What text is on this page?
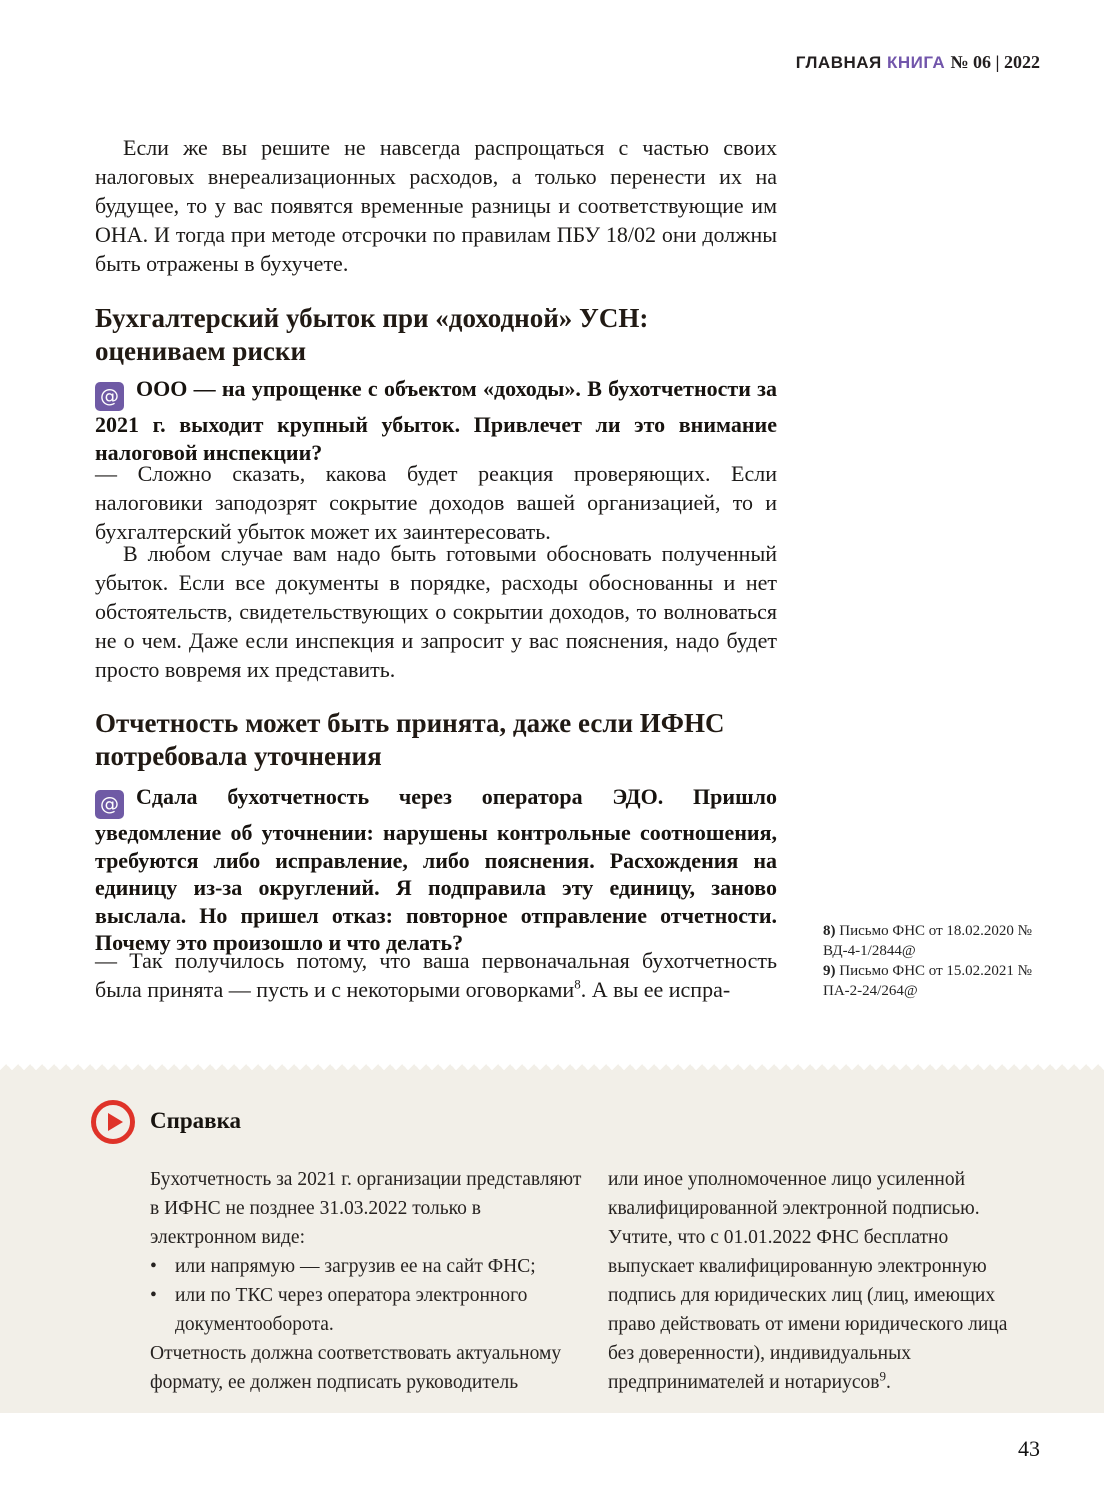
ГЛАВНАЯ КНИГА № 06 | 2022
Если же вы решите не навсегда распрощаться с частью своих налоговых внереализационных расходов, а только перенести их на будущее, то у вас появятся временные разницы и соответствующие им ОНА. И тогда при методе отсрочки по правилам ПБУ 18/02 они должны быть отражены в бухучете.
Бухгалтерский убыток при «доходной» УСН: оцениваем риски
@ ООО — на упрощенке с объектом «доходы». В бухотчетности за 2021 г. выходит крупный убыток. Привлечет ли это внимание налоговой инспекции?
— Сложно сказать, какова будет реакция проверяющих. Если налоговики заподозрят сокрытие доходов вашей организацией, то и бухгалтерский убыток может их заинтересовать.
В любом случае вам надо быть готовыми обосновать полученный убыток. Если все документы в порядке, расходы обоснованны и нет обстоятельств, свидетельствующих о сокрытии доходов, то волноваться не о чем. Даже если инспекция и запросит у вас пояснения, надо будет просто вовремя их представить.
Отчетность может быть принята, даже если ИФНС потребовала уточнения
@ Сдала бухотчетность через оператора ЭДО. Пришло уведомление об уточнении: нарушены контрольные соотношения, требуются либо исправление, либо пояснения. Расхождения на единицу из-за округлений. Я подправила эту единицу, заново выслала. Но пришел отказ: повторное отправление отчетности. Почему это произошло и что делать?
— Так получилось потому, что ваша первоначальная бухотчетность была принята — пусть и с некоторыми оговорками$^8$. А вы ее испра-
8) Письмо ФНС от 18.02.2020 № ВД-4-1/2844@
9) Письмо ФНС от 15.02.2021 № ПА-2-24/264@
Справка
Бухотчетность за 2021 г. организации представляют в ИФНС не позднее 31.03.2022 только в электронном виде:
• или напрямую — загрузив ее на сайт ФНС;
• или по ТКС через оператора электронного документооборота.
Отчетность должна соответствовать актуальному формату, ее должен подписать руководитель
или иное уполномоченное лицо усиленной квалифицированной электронной подписью. Учтите, что с 01.01.2022 ФНС бесплатно выпускает квалифицированную электронную подпись для юридических лиц (лиц, имеющих право действовать от имени юридического лица без доверенности), индивидуальных предпринимателей и нотариусов$^9$.
43
